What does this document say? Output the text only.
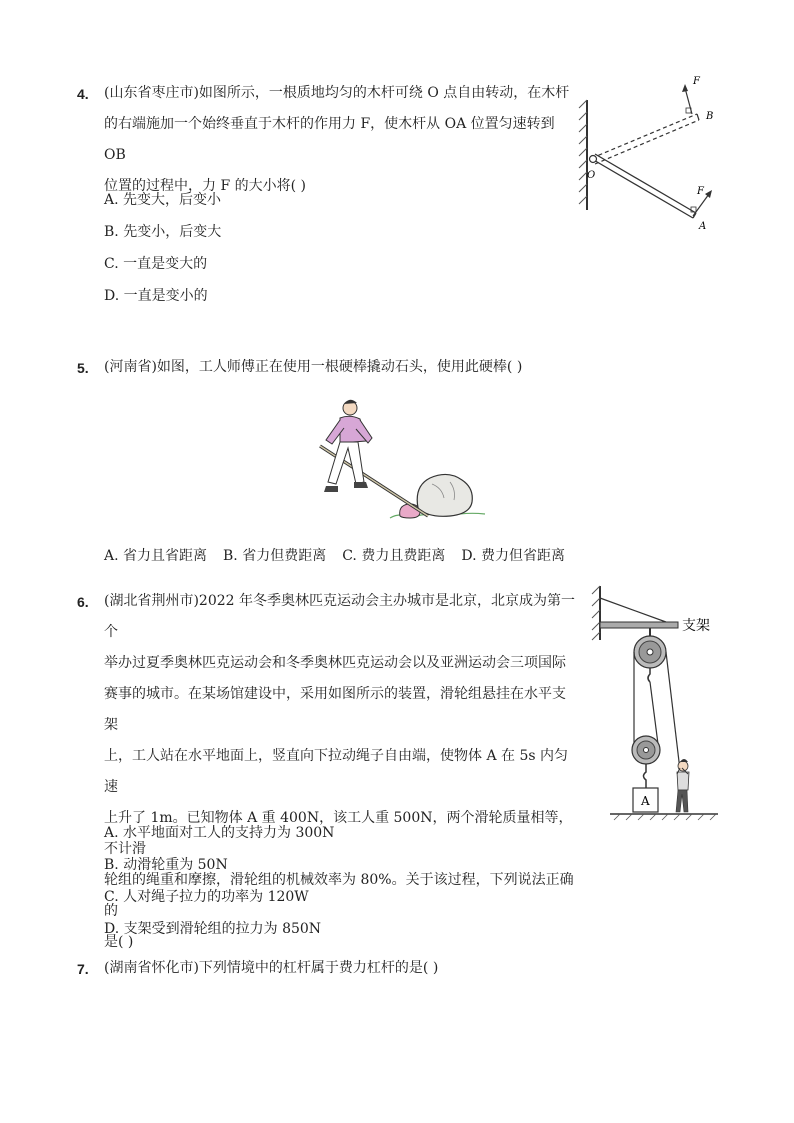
4. (山东省枣庄市)如图所示，一根质地均匀的木杆可绕 O 点自由转动，在木杆
的右端施加一个始终垂直于木杆的作用力 F，使木杆从 OA 位置匀速转到 OB
位置的过程中，力 F 的大小将( )
A. 先变大，后变小
B. 先变小，后变大
C. 一直是变大的
D. 一直是变小的
F
B
O
F
A
5. (河南省)如图，工人师傅正在使用一根硬棒撬动石头，使用此硬棒( )
A. 省力且省距离 B. 省力但费距离 C. 费力且费距离 D. 费力但省距离
6. (湖北省荆州市)2022 年冬季奥林匹克运动会主办城市是北京，北京成为第一个
举办过夏季奥林匹克运动会和冬季奥林匹克运动会以及亚洲运动会三项国际
赛事的城市。在某场馆建设中，采用如图所示的装置，滑轮组悬挂在水平支架
上，工人站在水平地面上，竖直向下拉动绳子自由端，使物体 A 在 5s 内匀速
上升了 1m。已知物体 A 重 400N，该工人重 500N，两个滑轮质量相等，不计滑
轮组的绳重和摩擦，滑轮组的机械效率为 80%。关于该过程，下列说法正确的
是( )
A. 水平地面对工人的支持力为 300N
B. 动滑轮重为 50N
C. 人对绳子拉力的功率为 120W
D. 支架受到滑轮组的拉力为 850N
支架
A
7. (湖南省怀化市)下列情境中的杠杆属于费力杠杆的是( )
